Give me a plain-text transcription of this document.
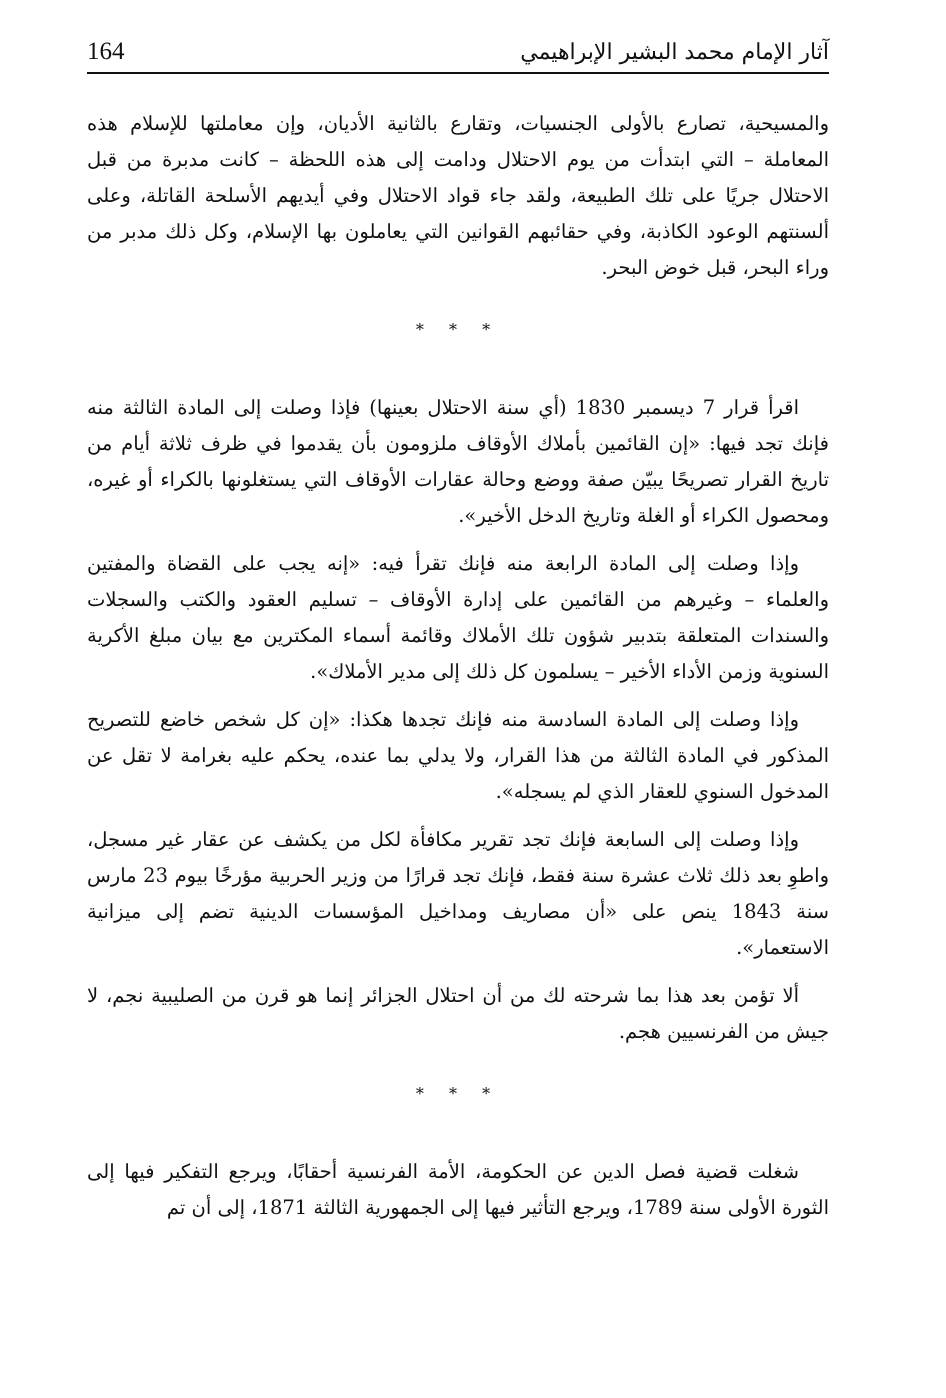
164	آثار الإمام محمد البشير الإبراهيمي

والمسيحية، تصارع بالأولى الجنسيات، وتقارع بالثانية الأديان، وإن معاملتها للإسلام هذه المعاملة – التي ابتدأت من يوم الاحتلال ودامت إلى هذه اللحظة – كانت مدبرة من قبل الاحتلال جريًا على تلك الطبيعة، ولقد جاء قواد الاحتلال وفي أيديهم الأسلحة القاتلة، وعلى ألسنتهم الوعود الكاذبة، وفي حقائبهم القوانين التي يعاملون بها الإسلام، وكل ذلك مدبر من وراء البحر، قبل خوض البحر.

* * *

اقرأ قرار 7 ديسمبر 1830 (أي سنة الاحتلال بعينها) فإذا وصلت إلى المادة الثالثة منه فإنك تجد فيها: «إن القائمين بأملاك الأوقاف ملزومون بأن يقدموا في ظرف ثلاثة أيام من تاريخ القرار تصريحًا يبيّن صفة ووضع وحالة عقارات الأوقاف التي يستغلونها بالكراء أو غيره، ومحصول الكراء أو الغلة وتاريخ الدخل الأخير».

وإذا وصلت إلى المادة الرابعة منه فإنك تقرأ فيه: «إنه يجب على القضاة والمفتين والعلماء – وغيرهم من القائمين على إدارة الأوقاف – تسليم العقود والكتب والسجلات والسندات المتعلقة بتدبير شؤون تلك الأملاك وقائمة أسماء المكترين مع بيان مبلغ الأكرية السنوية وزمن الأداء الأخير – يسلمون كل ذلك إلى مدير الأملاك».

وإذا وصلت إلى المادة السادسة منه فإنك تجدها هكذا: «إن كل شخص خاضع للتصريح المذكور في المادة الثالثة من هذا القرار، ولا يدلي بما عنده، يحكم عليه بغرامة لا تقل عن المدخول السنوي للعقار الذي لم يسجله».

وإذا وصلت إلى السابعة فإنك تجد تقرير مكافأة لكل من يكشف عن عقار غير مسجل، واطوِ بعد ذلك ثلاث عشرة سنة فقط، فإنك تجد قرارًا من وزير الحربية مؤرخًا بيوم 23 مارس سنة 1843 ينص على «أن مصاريف ومداخيل المؤسسات الدينية تضم إلى ميزانية الاستعمار».

ألا تؤمن بعد هذا بما شرحته لك من أن احتلال الجزائر إنما هو قرن من الصليبية نجم، لا جيش من الفرنسيين هجم.

* * *

شغلت قضية فصل الدين عن الحكومة، الأمة الفرنسية أحقابًا، ويرجع التفكير فيها إلى الثورة الأولى سنة 1789، ويرجع التأثير فيها إلى الجمهورية الثالثة 1871، إلى أن تم
